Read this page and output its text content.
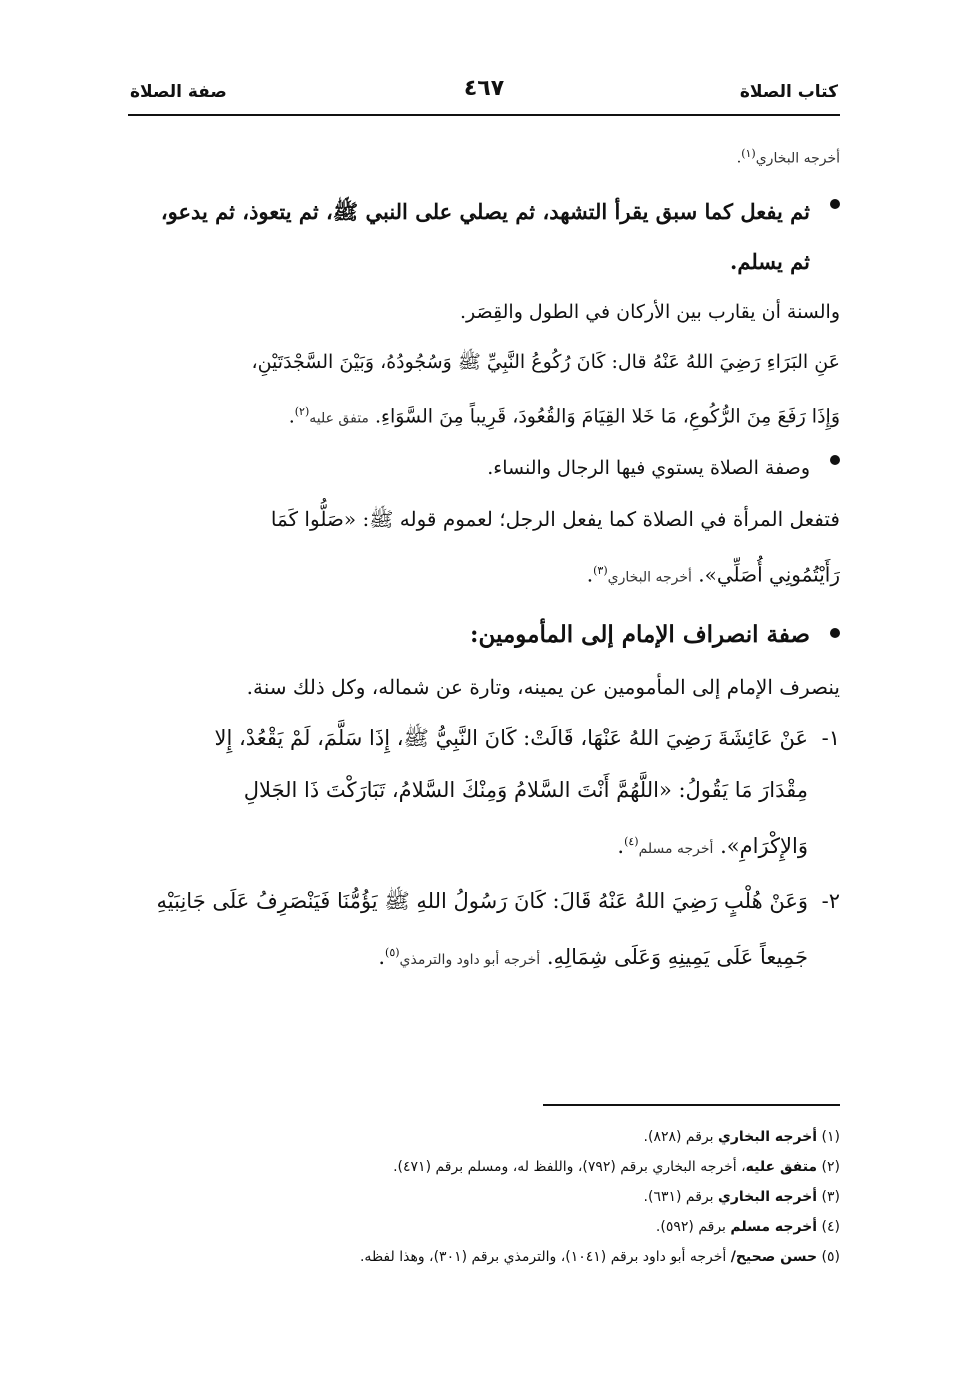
كتاب الصلاة
٤٦٧
صفة الصلاة
أخرجه البخاري$^{(١)}$.
ثم يفعل كما سبق يقرأ التشهد، ثم يصلي على النبي ﷺ، ثم يتعوذ، ثم يدعو،
ثم يسلم.
والسنة أن يقارب بين الأركان في الطول والقِصَر.
عَنِ البَرَاءِ رَضِيَ اللهُ عَنْهُ قال: كَانَ رُكُوعُ النَّبِيِّ ﷺ وَسُجُودُهُ، وَبَيْنَ السَّجْدَتَيْنِ،
وَإِذَا رَفَعَ مِنَ الرُّكُوعِ، مَا خَلا القِيَامَ وَالقُعُودَ، قَرِيباً مِنَ السَّوَاءِ. متفق عليه$^{(٢)}$.
وصفة الصلاة يستوي فيها الرجال والنساء.
فتفعل المرأة في الصلاة كما يفعل الرجل؛ لعموم قوله ﷺ: «صَلُّوا كَمَا
رَأَيْتُمُونِي أُصَلِّي». أخرجه البخاري$^{(٣)}$.
صفة انصراف الإمام إلى المأمومين:
ينصرف الإمام إلى المأمومين عن يمينه، وتارة عن شماله، وكل ذلك سنة.
١-
عَنْ عَائِشَةَ رَضِيَ اللهُ عَنْهَا، قَالَتْ: كَانَ النَّبِيُّ ﷺ، إِذَا سَلَّمَ، لَمْ يَقْعُدْ، إِلا
مِقْدَارَ مَا يَقُولُ: «اللَّهُمَّ أَنْتَ السَّلامُ وَمِنْكَ السَّلامُ، تَبَارَكْتَ ذَا الجَلالِ
وَالإِكْرَامِ». أخرجه مسلم$^{(٤)}$.
٢-
وَعَنْ هُلْبٍ رَضِيَ اللهُ عَنْهُ قَالَ: كَانَ رَسُولُ اللهِ ﷺ يَؤُمُّنَا فَيَنْصَرِفُ عَلَى جَانِبَيْهِ
جَمِيعاً عَلَى يَمِينِهِ وَعَلَى شِمَالِهِ. أخرجه أبو داود والترمذي$^{(٥)}$.
(١) أخرجه البخاري برقم (٨٢٨).
(٢) متفق عليه، أخرجه البخاري برقم (٧٩٢)، واللفظ له، ومسلم برقم (٤٧١).
(٣) أخرجه البخاري برقم (٦٣١).
(٤) أخرجه مسلم برقم (٥٩٢).
(٥) حسن صحيح/ أخرجه أبو داود برقم (١٠٤١)، والترمذي برقم (٣٠١)، وهذا لفظه.
